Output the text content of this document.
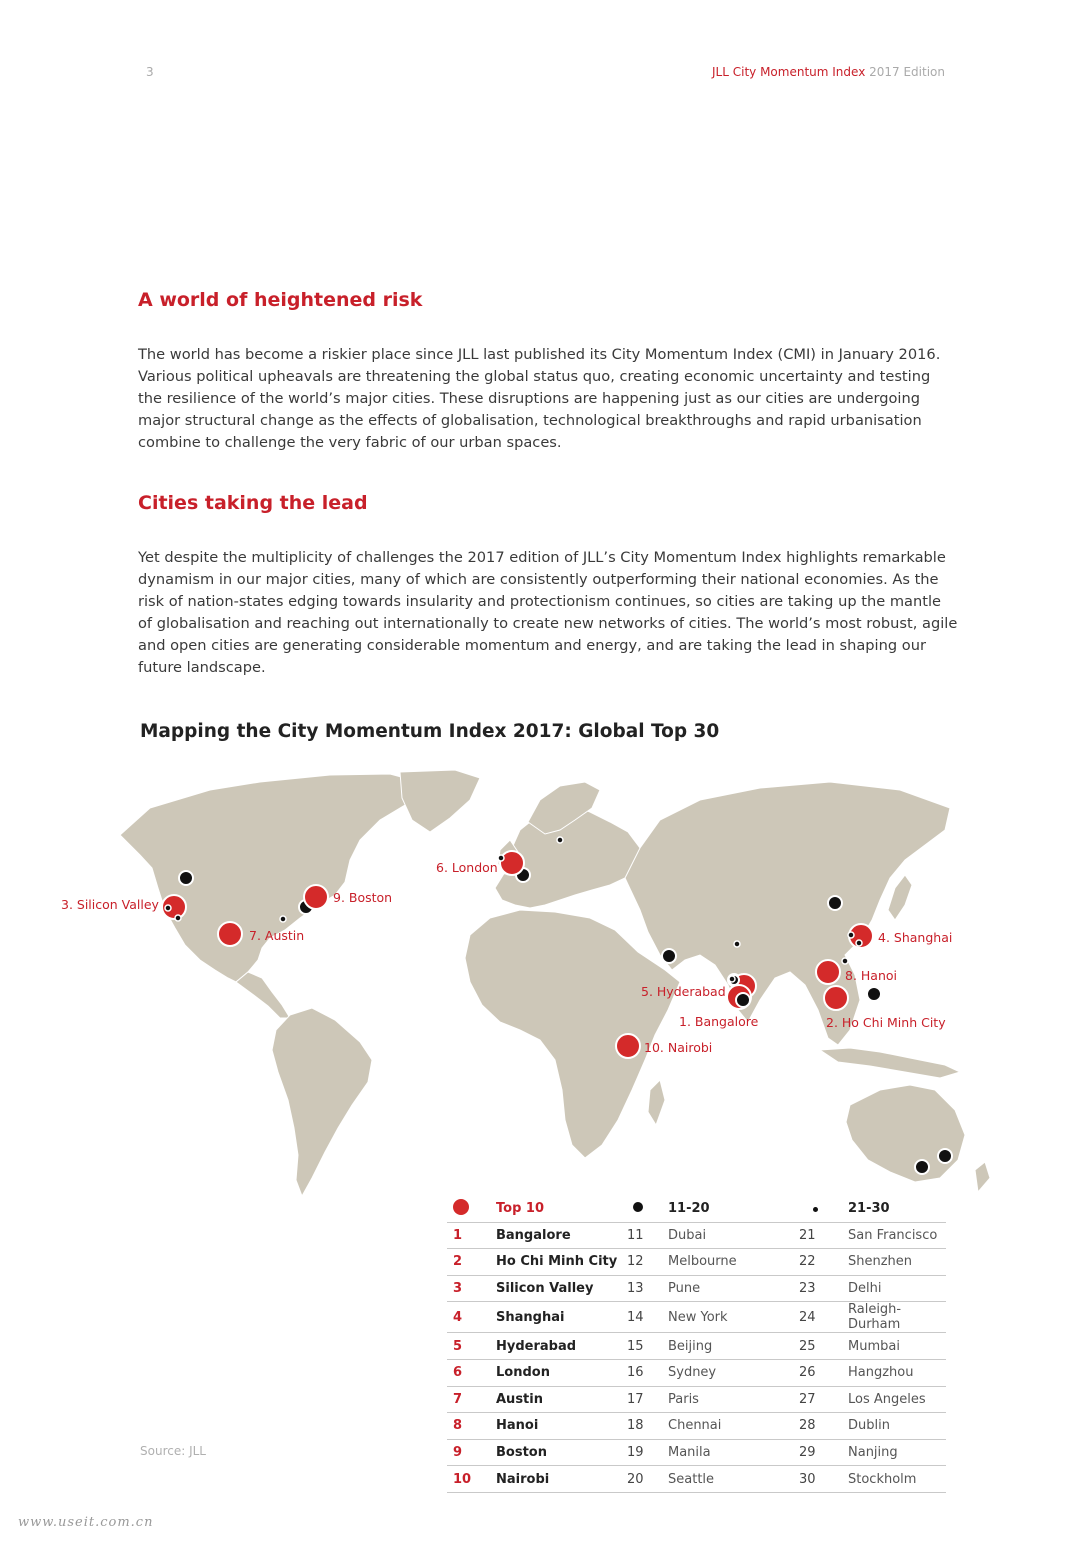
3	JLL City Momentum Index 2017 Edition
A world of heightened risk

The world has become a riskier place since JLL last published its City Momentum Index (CMI) in January 2016. Various political upheavals are threatening the global status quo, creating economic uncertainty and testing the resilience of the world’s major cities. These disruptions are happening just as our cities are undergoing major structural change as the effects of globalisation, technological breakthroughs and rapid urbanisation combine to challenge the very fabric of our urban spaces.

Cities taking the lead

Yet despite the multiplicity of challenges the 2017 edition of JLL’s City Momentum Index highlights remarkable dynamism in our major cities, many of which are consistently outperforming their national economies. As the risk of nation-states edging towards insularity and protectionism continues, so cities are taking up the mantle of globalisation and reaching out internationally to create new networks of cities. The world’s most robust, agile and open cities are generating considerable momentum and energy, and are taking the lead in shaping our future landscape.

Mapping the City Momentum Index 2017: Global Top 30
3. Silicon Valley
7. Austin
9. Boston
6. London
10. Nairobi
5. Hyderabad
1. Bangalore
4. Shanghai
8. Hanoi
2. Ho Chi Minh City
	Top 10		11-20		21-30
1	Bangalore	11	Dubai	21	San Francisco
2	Ho Chi Minh City	12	Melbourne	22	Shenzhen
3	Silicon Valley	13	Pune	23	Delhi
4	Shanghai	14	New York	24	Raleigh-Durham
5	Hyderabad	15	Beijing	25	Mumbai
6	London	16	Sydney	26	Hangzhou
7	Austin	17	Paris	27	Los Angeles
8	Hanoi	18	Chennai	28	Dublin
9	Boston	19	Manila	29	Nanjing
10	Nairobi	20	Seattle	30	Stockholm
Source: JLL
www.useit.com.cn
